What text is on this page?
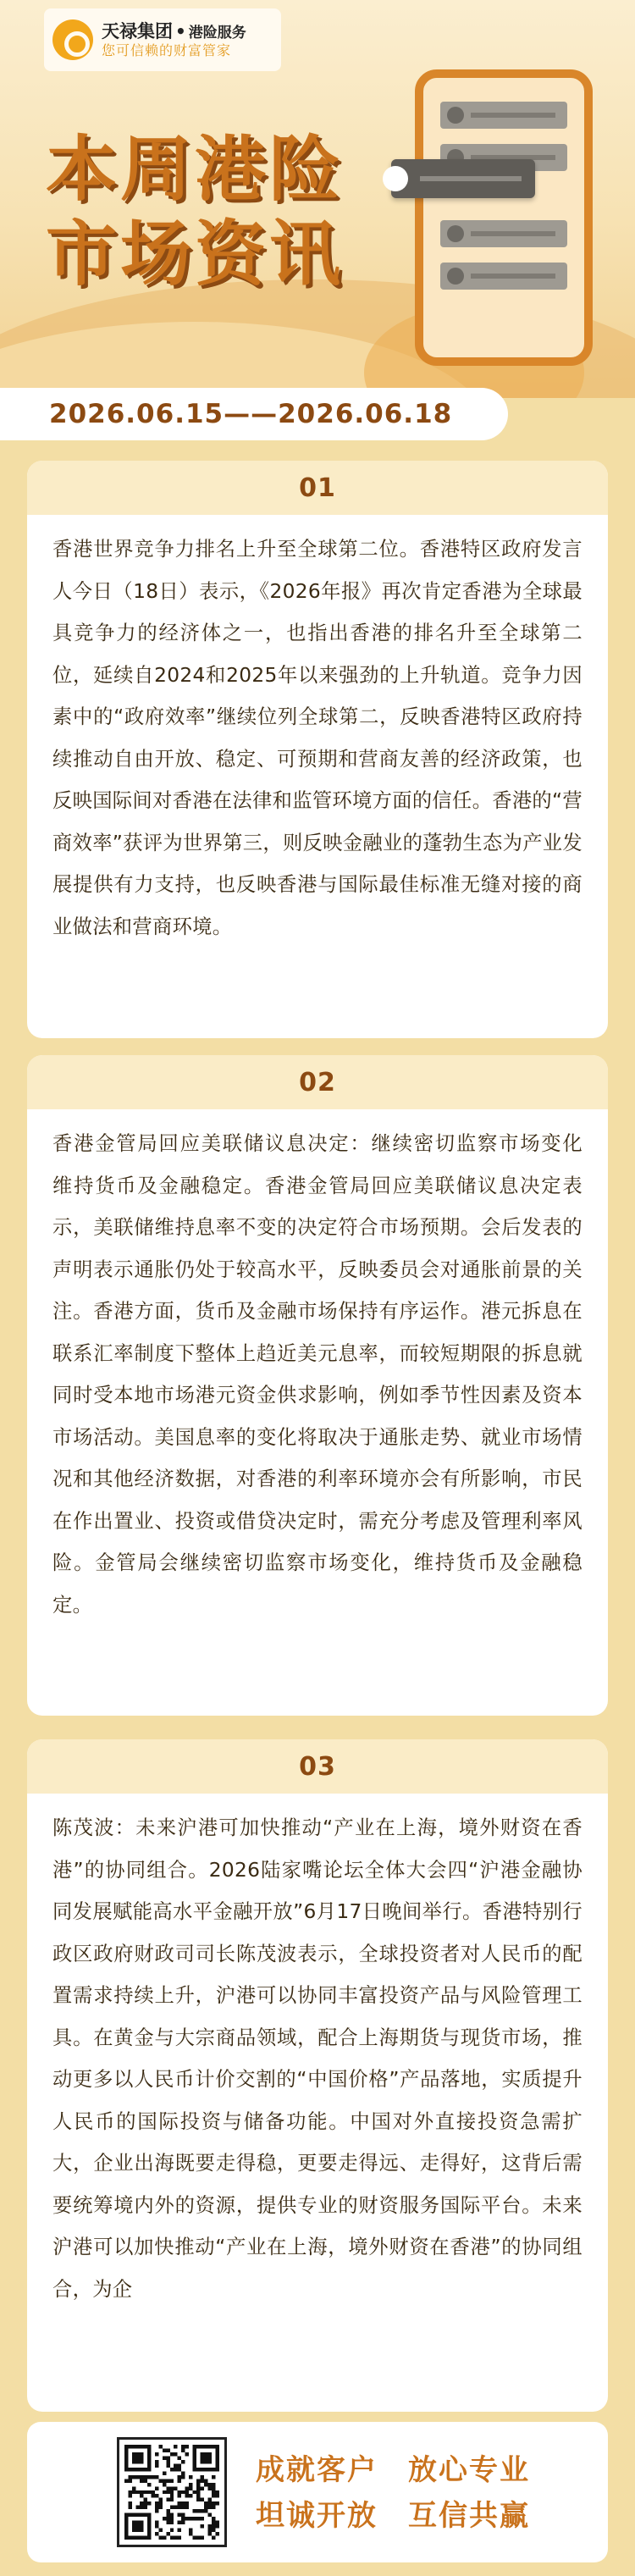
天禄集团 • 港险服务
您可信赖的财富管家
本周港险
市场资讯
2026.06.15——2026.06.18
01
香港世界竞争力排名上升至全球第二位。香港特区政府发言人今日（18日）表示，《2026年报》再次肯定香港为全球最具竞争力的经济体之一，也指出香港的排名升至全球第二位，延续自2024和2025年以来强劲的上升轨道。竞争力因素中的“政府效率”继续位列全球第二，反映香港特区政府持续推动自由开放、稳定、可预期和营商友善的经济政策，也反映国际间对香港在法律和监管环境方面的信任。香港的“营商效率”获评为世界第三，则反映金融业的蓬勃生态为产业发展提供有力支持，也反映香港与国际最佳标准无缝对接的商业做法和营商环境。
02
香港金管局回应美联储议息决定：继续密切监察市场变化　维持货币及金融稳定。香港金管局回应美联储议息决定表示，美联储维持息率不变的决定符合市场预期。会后发表的声明表示通胀仍处于较高水平，反映委员会对通胀前景的关注。香港方面，货币及金融市场保持有序运作。港元拆息在联系汇率制度下整体上趋近美元息率，而较短期限的拆息就同时受本地市场港元资金供求影响，例如季节性因素及资本市场活动。美国息率的变化将取决于通胀走势、就业市场情况和其他经济数据，对香港的利率环境亦会有所影响，市民在作出置业、投资或借贷决定时，需充分考虑及管理利率风险。金管局会继续密切监察市场变化，维持货币及金融稳定。
03
陈茂波：未来沪港可加快推动“产业在上海，境外财资在香港”的协同组合。2026陆家嘴论坛全体大会四“沪港金融协同发展赋能高水平金融开放”6月17日晚间举行。香港特别行政区政府财政司司长陈茂波表示，全球投资者对人民币的配置需求持续上升，沪港可以协同丰富投资产品与风险管理工具。在黄金与大宗商品领域，配合上海期货与现货市场，推动更多以人民币计价交割的“中国价格”产品落地，实质提升人民币的国际投资与储备功能。中国对外直接投资急需扩大，企业出海既要走得稳，更要走得远、走得好，这背后需要统筹境内外的资源，提供专业的财资服务国际平台。未来沪港可以加快推动“产业在上海，境外财资在香港”的协同组合，为企
成就客户　放心专业
坦诚开放　互信共赢
